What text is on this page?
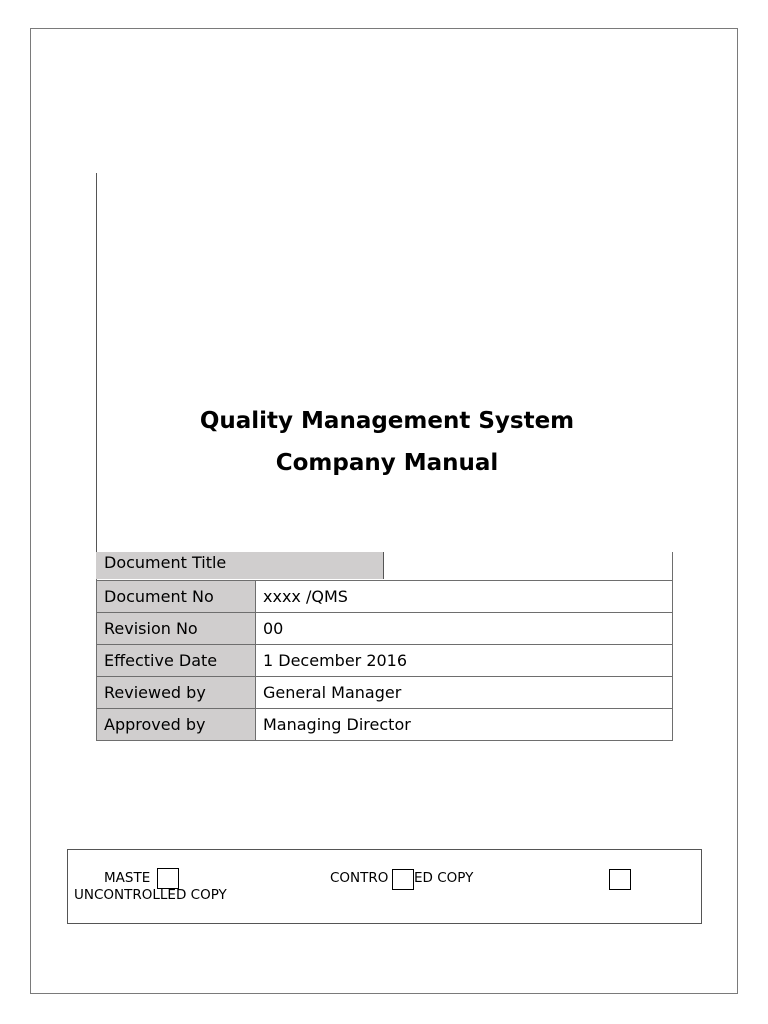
Quality Management System
Company Manual
Document Title
Document No	xxxx /QMS
Revision No	00
Effective Date	1 December 2016
Reviewed by	General Manager
Approved by	Managing Director
MASTE	CONTRO ED COPY
UNCONTROLLED COPY
